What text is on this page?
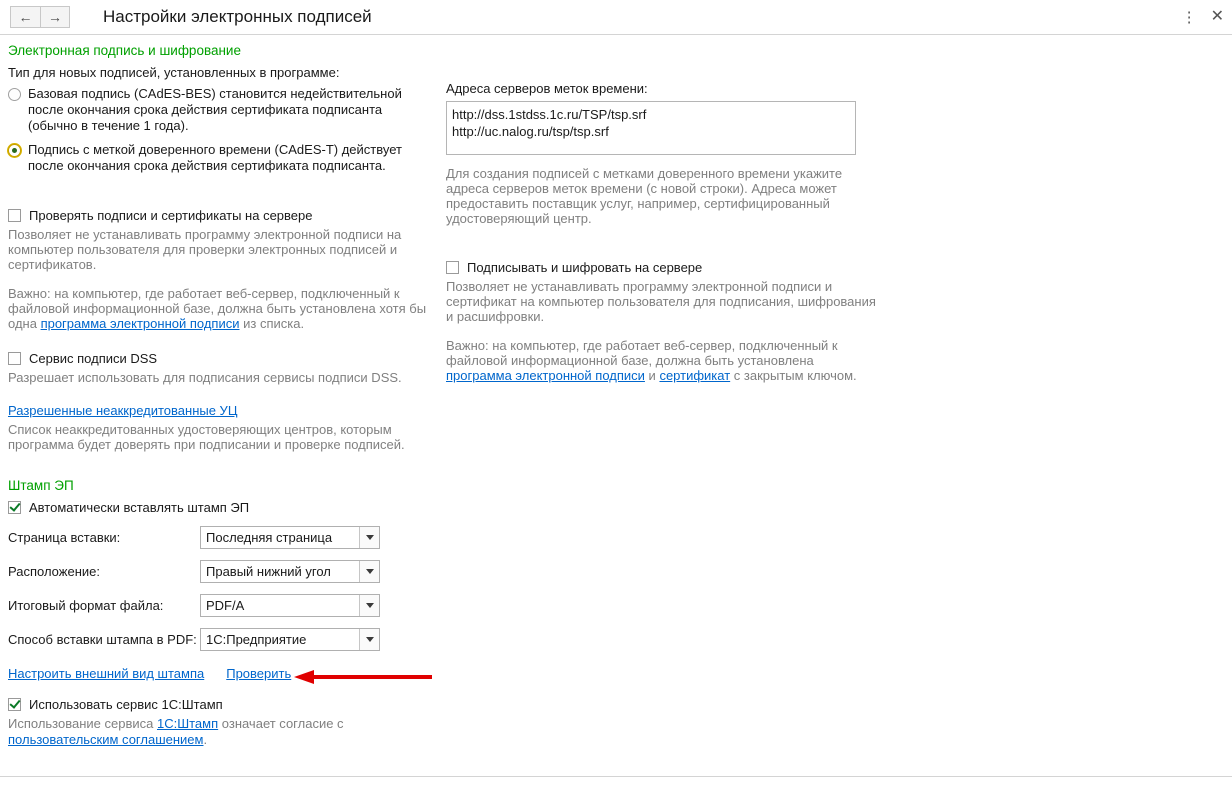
← → Настройки электронных подписей	⋮ ✕
Электронная подпись и шифрование
Тип для новых подписей, установленных в программе:
Базовая подпись (CAdES-BES) становится недействительной после окончания срока действия сертификата подписанта (обычно в течение 1 года).
Подпись с меткой доверенного времени (CAdES-T) действует после окончания срока действия сертификата подписанта.
Проверять подписи и сертификаты на сервере
Позволяет не устанавливать программу электронной подписи на компьютер пользователя для проверки электронных подписей и сертификатов.
Важно: на компьютер, где работает веб-сервер, подключенный к файловой информационной базе, должна быть установлена хотя бы одна программа электронной подписи из списка.
Сервис подписи DSS
Разрешает использовать для подписания сервисы подписи DSS.
Разрешенные неаккредитованные УЦ
Список неаккредитованных удостоверяющих центров, которым программа будет доверять при подписании и проверке подписей.
Штамп ЭП
Автоматически вставлять штамп ЭП
Страница вставки:	Последняя страница
Расположение:	Правый нижний угол
Итоговый формат файла:	PDF/A
Способ вставки штампа в PDF: 1С:Предприятие
Настроить внешний вид штампа Проверить
Использовать сервис 1С:Штамп
Использование сервиса 1С:Штамп означает согласие с пользовательским соглашением.
Адреса серверов меток времени:
http://dss.1stdss.1c.ru/TSP/tsp.srf http://uc.nalog.ru/tsp/tsp.srf
Для создания подписей с метками доверенного времени укажите адреса серверов меток времени (с новой строки). Адреса может предоставить поставщик услуг, например, сертифицированный удостоверяющий центр.
Подписывать и шифровать на сервере
Позволяет не устанавливать программу электронной подписи и сертификат на компьютер пользователя для подписания, шифрования и расшифровки.
Важно: на компьютер, где работает веб-сервер, подключенный к файловой информационной базе, должна быть установлена программа электронной подписи и сертификат с закрытым ключом.
